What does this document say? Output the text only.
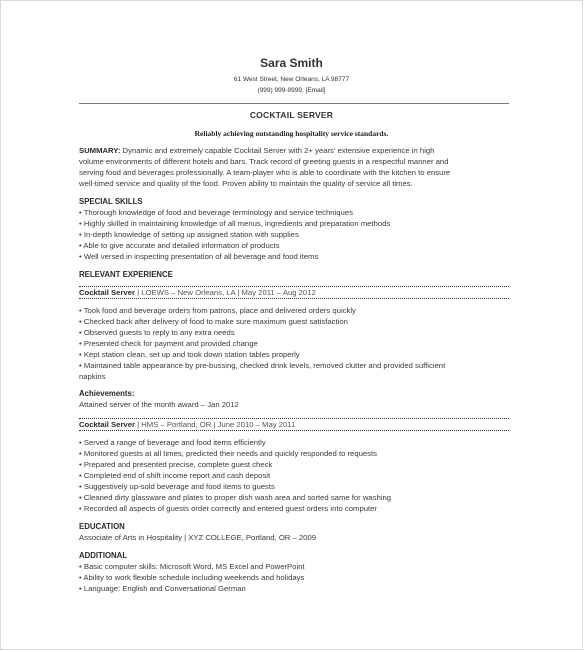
Sara Smith
61 West Street, New Orleans, LA 98777
(999) 999-9999, [Email]
COCKTAIL SERVER
Reliably achieving outstanding hospitality service standards.

SUMMARY: Dynamic and extremely capable Cocktail Server with 2+ years' extensive experience in high

volume environments of different hotels and bars. Track record of greeting guests in a respectful manner and

serving food and beverages professionally. A team-player who is able to coordinate with the kitchen to ensure

well-timed service and quality of the food. Proven ability to maintain the quality of service all times.

SPECIAL SKILLS
• Thorough knowledge of food and beverage terminology and service techniques
• Highly skilled in maintaining knowledge of all menus, ingredients and preparation methods
• In-depth knowledge of setting up assigned station with supplies
• Able to give accurate and detailed information of products
• Well versed in inspecting presentation of all beverage and food items
RELEVANT EXPERIENCE
Cocktail Server | LOEWS – New Orleans, LA | May 2011 – Aug 2012
• Took food and beverage orders from patrons, place and delivered orders quickly
• Checked back after delivery of food to make sure maximum guest satisfaction
• Observed guests to reply to any extra needs
• Presented check for payment and provided change
• Kept station clean, set up and took down station tables properly
• Maintained table appearance by pre-bussing, checked drink levels, removed clutter and provided sufficient
napkins
Achievements:
Attained server of the month award – Jan 2012
Cocktail Server | HMS – Portland, OR | June 2010 – May 2011
• Served a range of beverage and food items efficiently
• Monitored guests at all times, predicted their needs and quickly responded to requests
• Prepared and presented precise, complete guest check
• Completed end of shift income report and cash deposit
• Suggestively up-sold beverage and food items to guests
• Cleaned dirty glassware and plates to proper dish wash area and sorted same for washing
• Recorded all aspects of guests order correctly and entered guest orders into computer
EDUCATION
Associate of Arts in Hospitality | XYZ COLLEGE, Portland, OR – 2009
ADDITIONAL
• Basic computer skills: Microsoft Word, MS Excel and PowerPoint
• Ability to work flexible schedule including weekends and holidays
• Language: English and Conversational German
